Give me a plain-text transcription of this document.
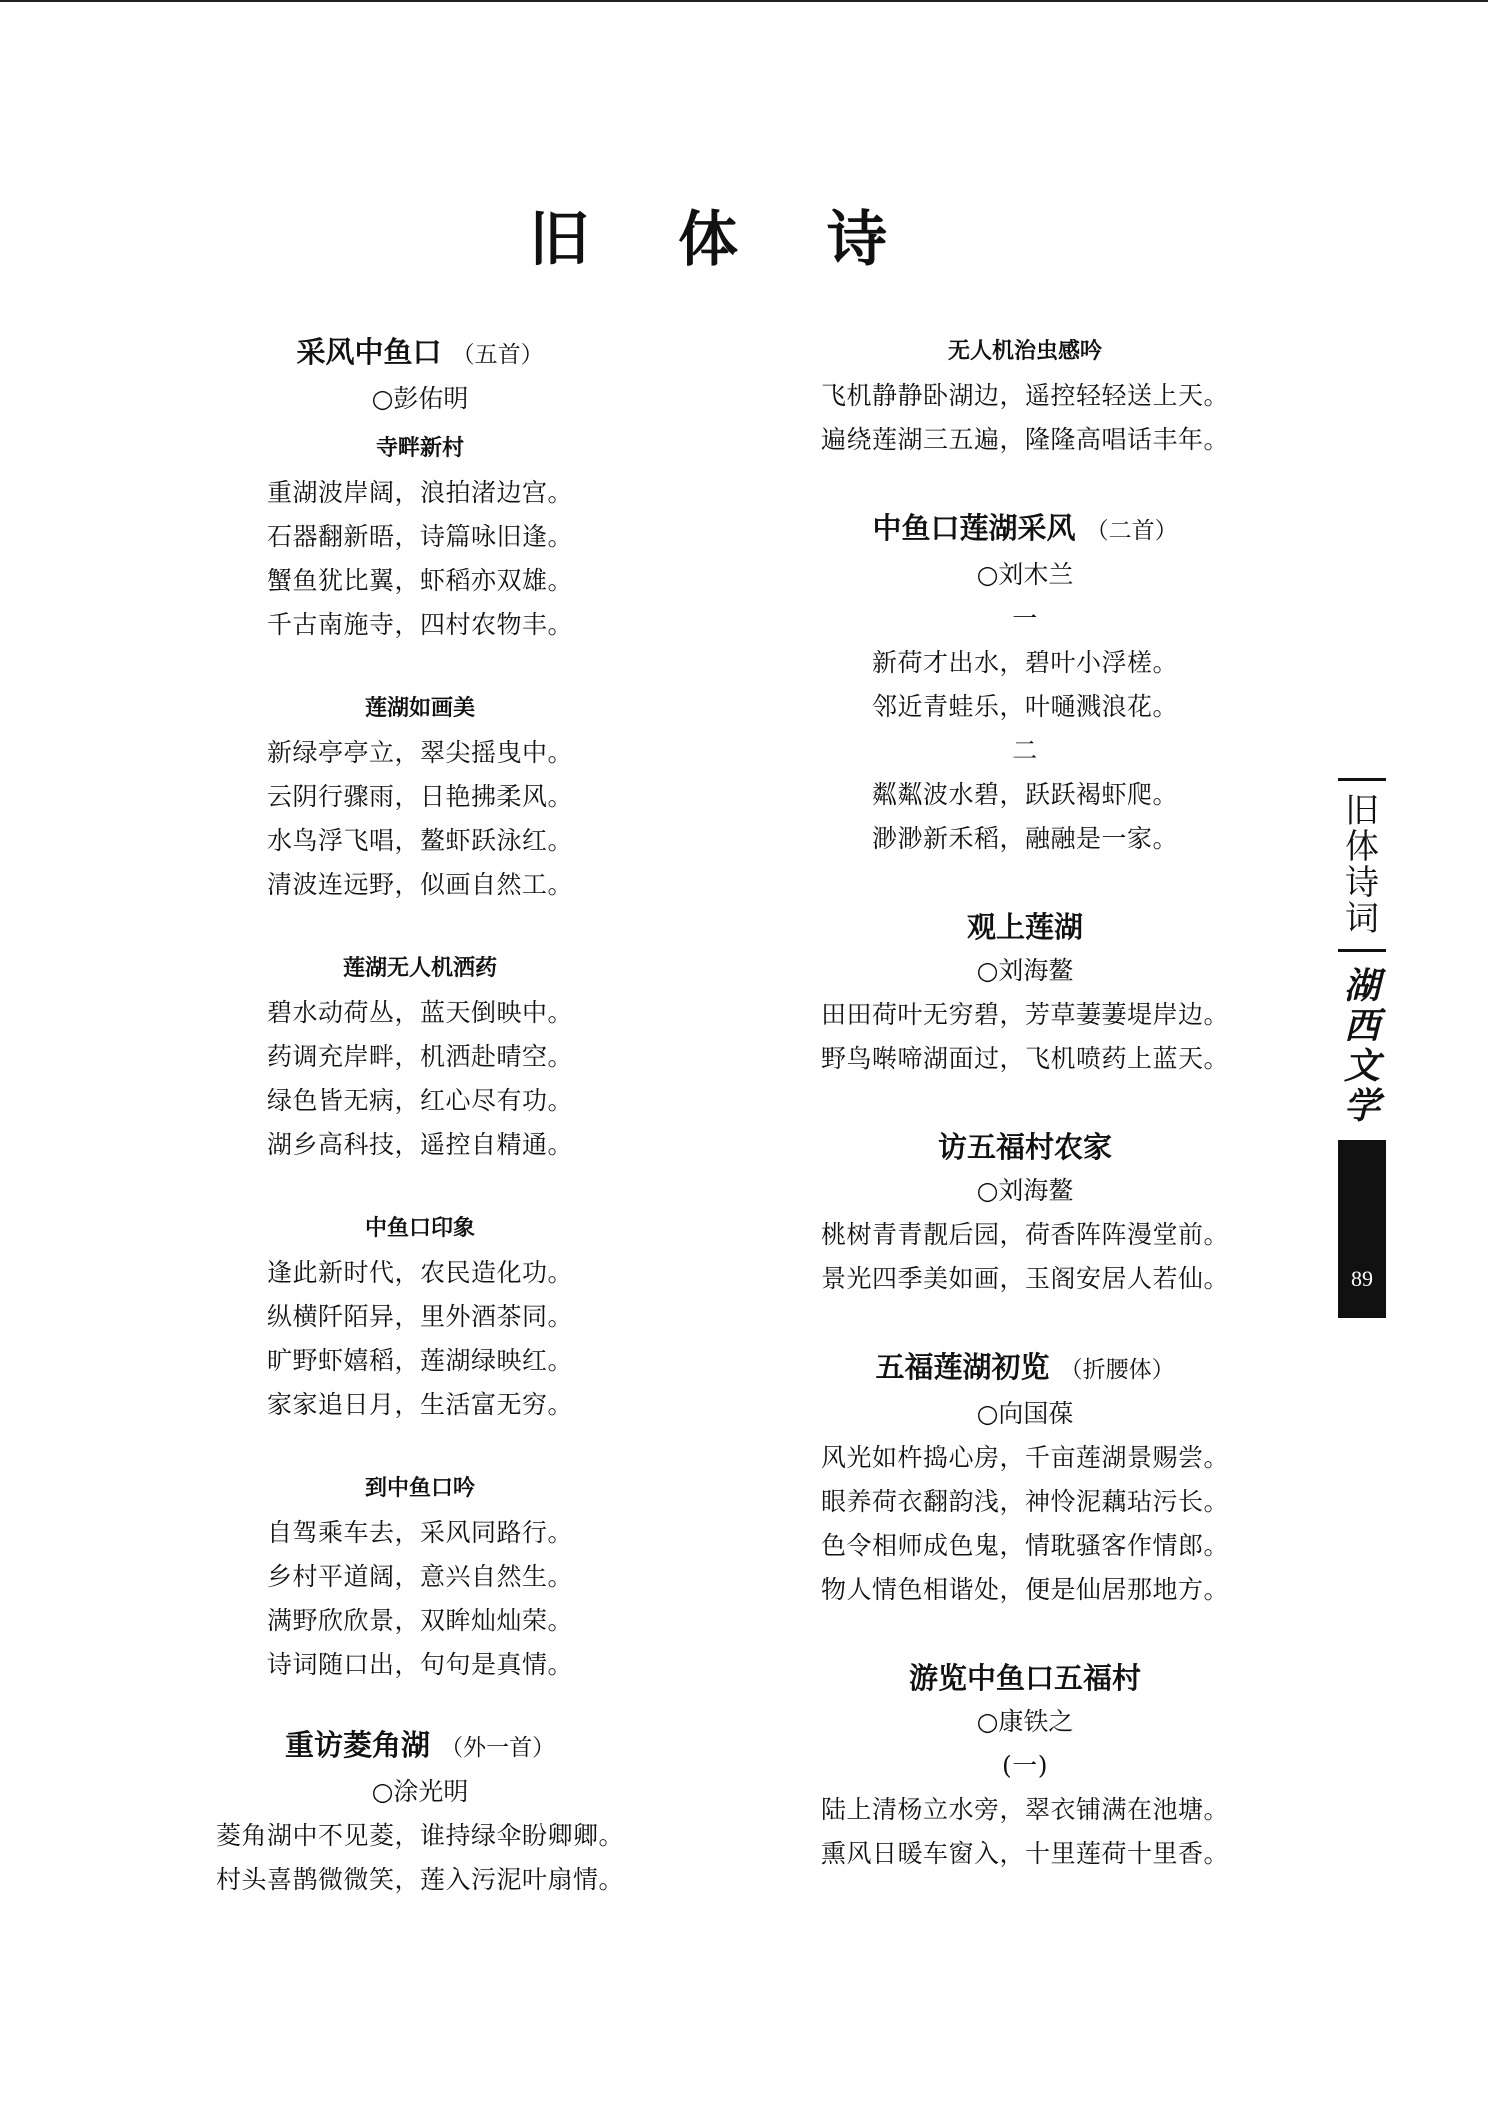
旧 体 诗
采风中鱼口 （五首）
○彭佑明
寺畔新村
重湖波岸阔，浪拍渚边宫。
石器翻新晤，诗篇咏旧逢。
蟹鱼犹比翼，虾稻亦双雄。
千古南施寺，四村农物丰。
莲湖如画美
新绿亭亭立，翠尖摇曳中。
云阴行骤雨，日艳拂柔风。
水鸟浮飞唱，鳌虾跃泳红。
清波连远野，似画自然工。
莲湖无人机洒药
碧水动荷丛，蓝天倒映中。
药调充岸畔，机洒赴晴空。
绿色皆无病，红心尽有功。
湖乡高科技，遥控自精通。
中鱼口印象
逢此新时代，农民造化功。
纵横阡陌异，里外酒茶同。
旷野虾嬉稻，莲湖绿映红。
家家追日月，生活富无穷。
到中鱼口吟
自驾乘车去，采风同路行。
乡村平道阔，意兴自然生。
满野欣欣景，双眸灿灿荣。
诗词随口出，句句是真情。
重访菱角湖 （外一首）
○涂光明
菱角湖中不见菱，谁持绿伞盼卿卿。
村头喜鹊微微笑，莲入污泥叶扇情。
无人机治虫感吟
飞机静静卧湖边，遥控轻轻送上天。
遍绕莲湖三五遍，隆隆高唱话丰年。
中鱼口莲湖采风 （二首）
○刘木兰
一
新荷才出水，碧叶小浮槎。
邻近青蛙乐，叶嗵溅浪花。
二
粼粼波水碧，跃跃褐虾爬。
渺渺新禾稻，融融是一家。
观上莲湖
○刘海鳌
田田荷叶无穷碧，芳草萋萋堤岸边。
野鸟啭啼湖面过，飞机喷药上蓝天。
访五福村农家
○刘海鳌
桃树青青靓后园，荷香阵阵漫堂前。
景光四季美如画，玉阁安居人若仙。
五福莲湖初览 （折腰体）
○向国葆
风光如杵捣心房，千亩莲湖景赐尝。
眼养荷衣翻韵浅，神怜泥藕玷污长。
色令相师成色鬼，情耽骚客作情郎。
物人情色相谐处，便是仙居那地方。
游览中鱼口五福村
○康铁之
(一)
陆上清杨立水旁，翠衣铺满在池塘。
熏风日暖车窗入，十里莲荷十里香。
旧体诗词
湖西文学
89
